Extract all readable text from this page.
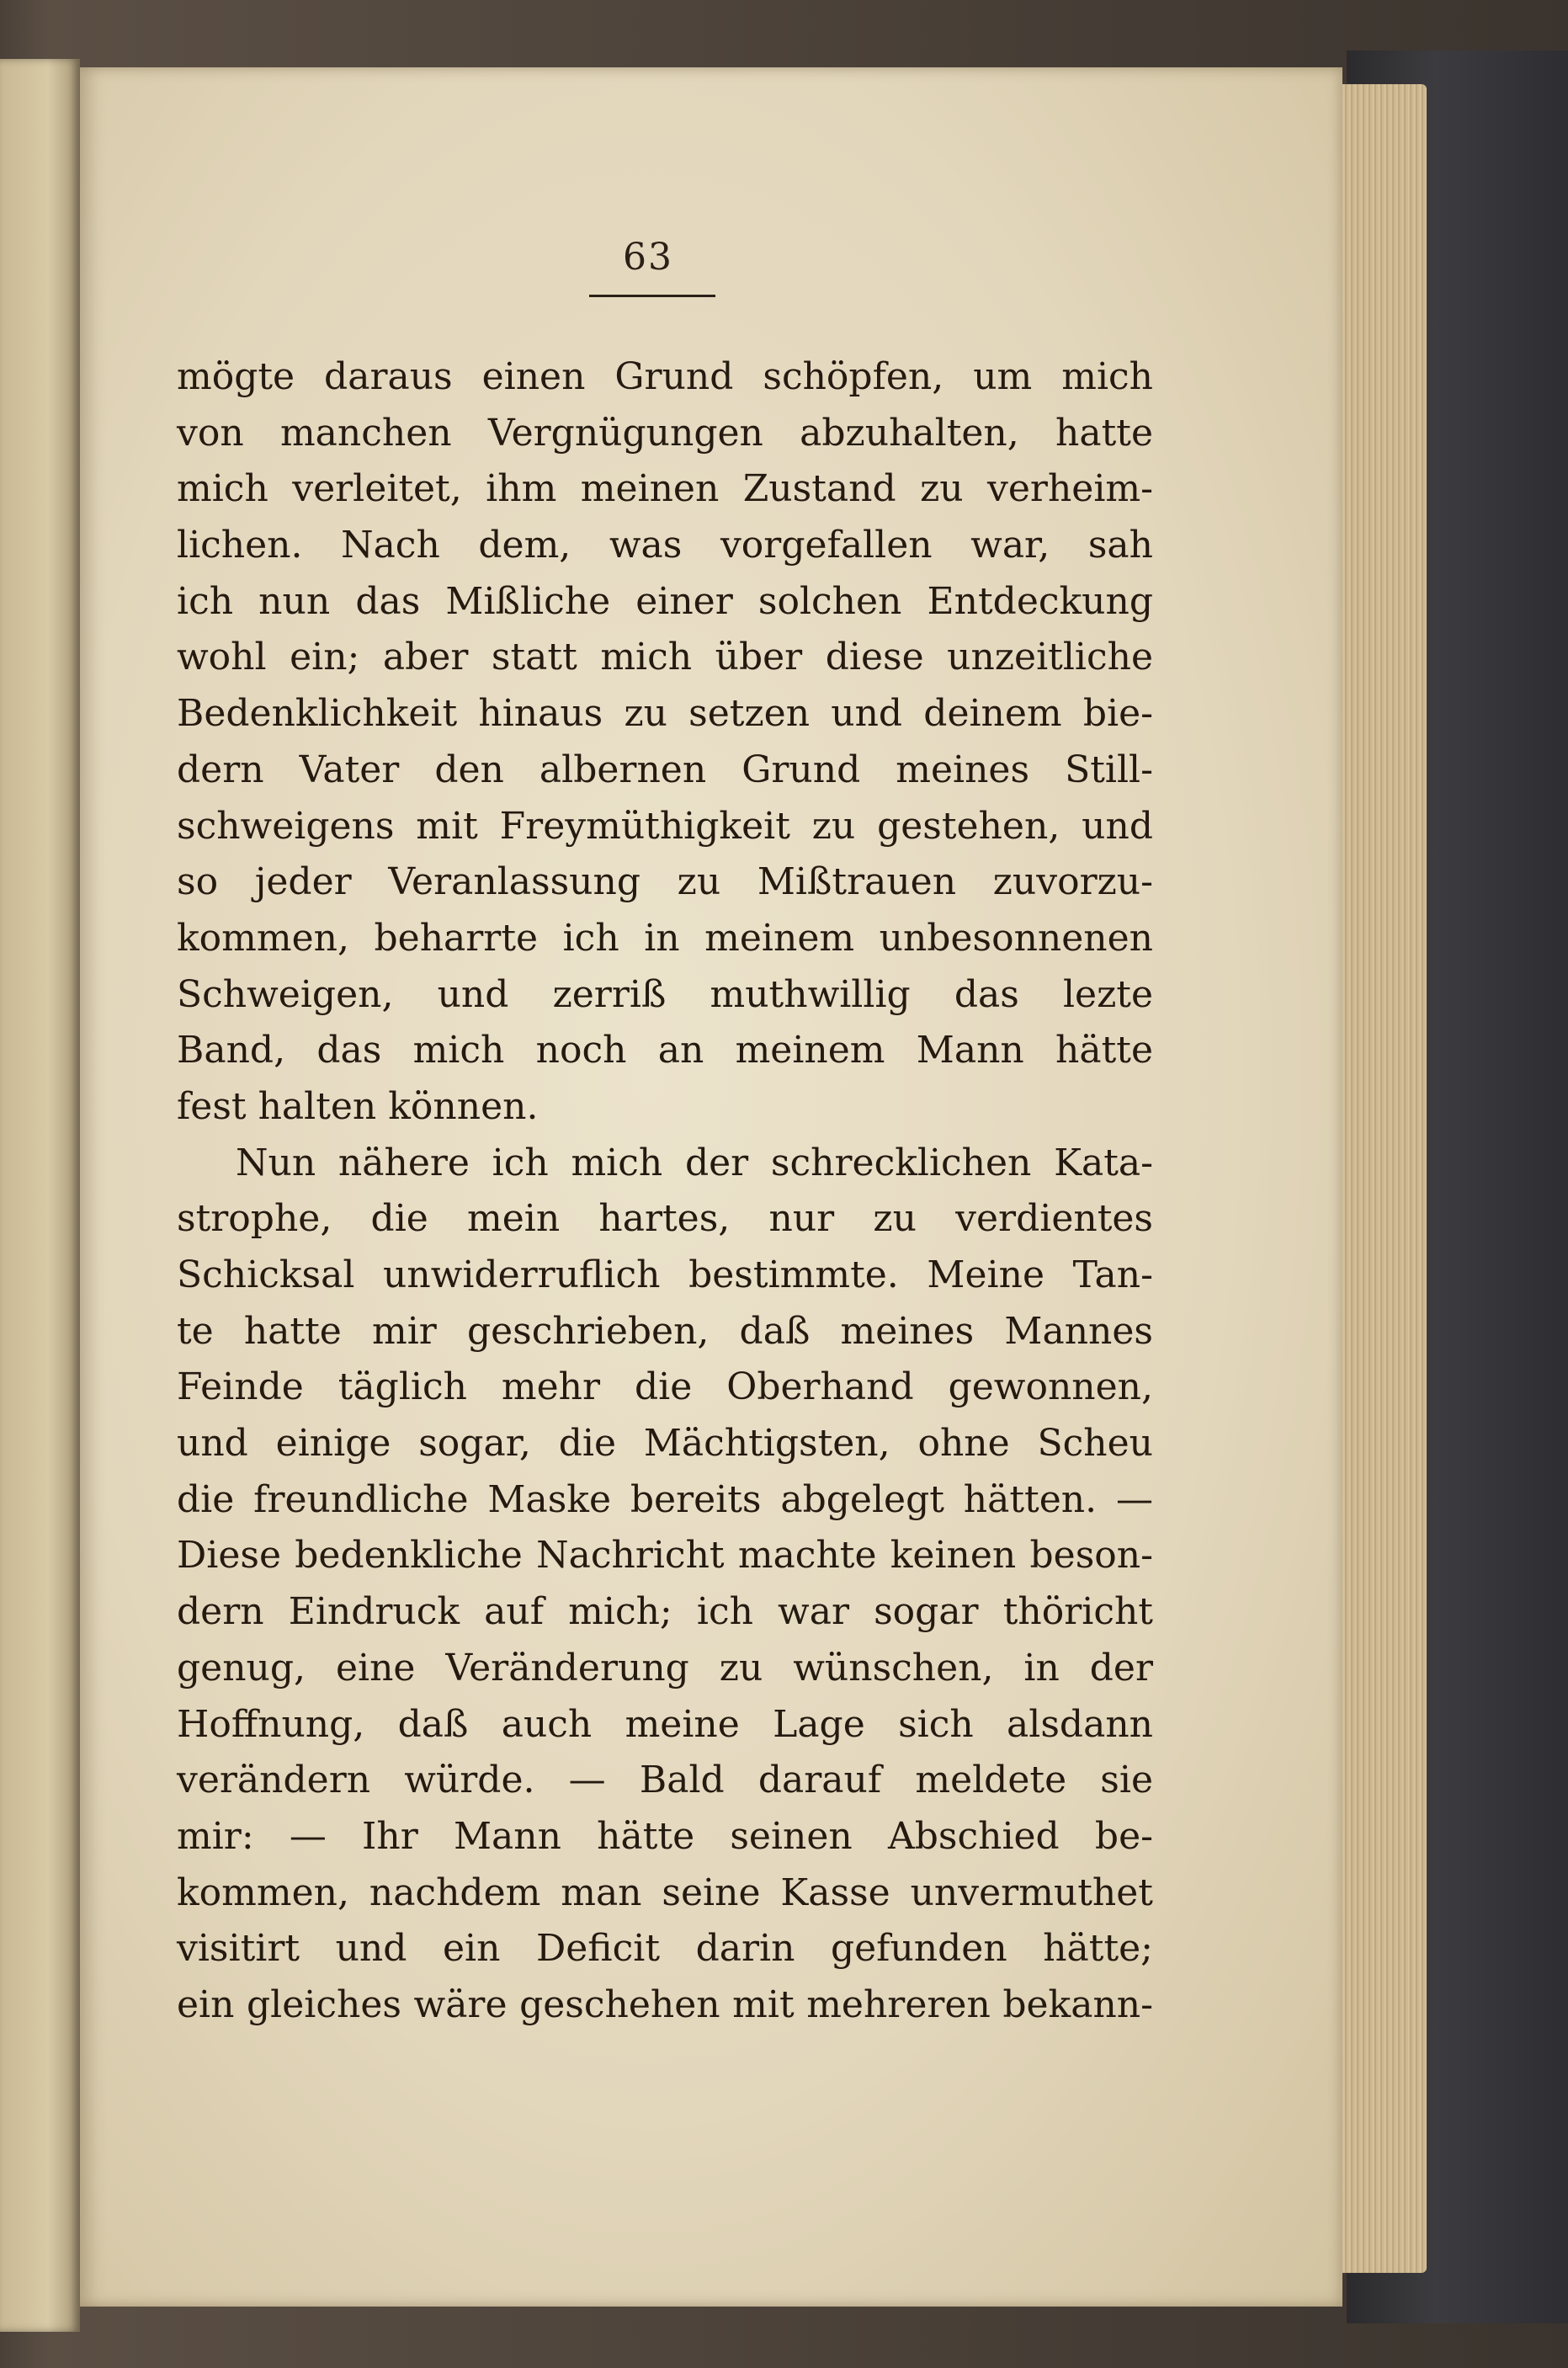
63
mögte daraus einen Grund schöpfen, um mich
von manchen Vergnügungen abzuhalten, hatte
mich verleitet, ihm meinen Zustand zu verheim-
lichen. Nach dem, was vorgefallen war, sah
ich nun das Mißliche einer solchen Entdeckung
wohl ein; aber statt mich über diese unzeitliche
Bedenklichkeit hinaus zu setzen und deinem bie-
dern Vater den albernen Grund meines Still-
schweigens mit Freymüthigkeit zu gestehen, und
so jeder Veranlassung zu Mißtrauen zuvorzu-
kommen, beharrte ich in meinem unbesonnenen
Schweigen, und zerriß muthwillig das lezte
Band, das mich noch an meinem Mann hätte
fest halten können.
Nun nähere ich mich der schrecklichen Kata-
strophe, die mein hartes, nur zu verdientes
Schicksal unwiderruflich bestimmte. Meine Tan-
te hatte mir geschrieben, daß meines Mannes
Feinde täglich mehr die Oberhand gewonnen,
und einige sogar, die Mächtigsten, ohne Scheu
die freundliche Maske bereits abgelegt hätten. —
Diese bedenkliche Nachricht machte keinen beson-
dern Eindruck auf mich; ich war sogar thöricht
genug, eine Veränderung zu wünschen, in der
Hoffnung, daß auch meine Lage sich alsdann
verändern würde. — Bald darauf meldete sie
mir: — Ihr Mann hätte seinen Abschied be-
kommen, nachdem man seine Kasse unvermuthet
visitirt und ein Deficit darin gefunden hätte;
ein gleiches wäre geschehen mit mehreren bekann-
